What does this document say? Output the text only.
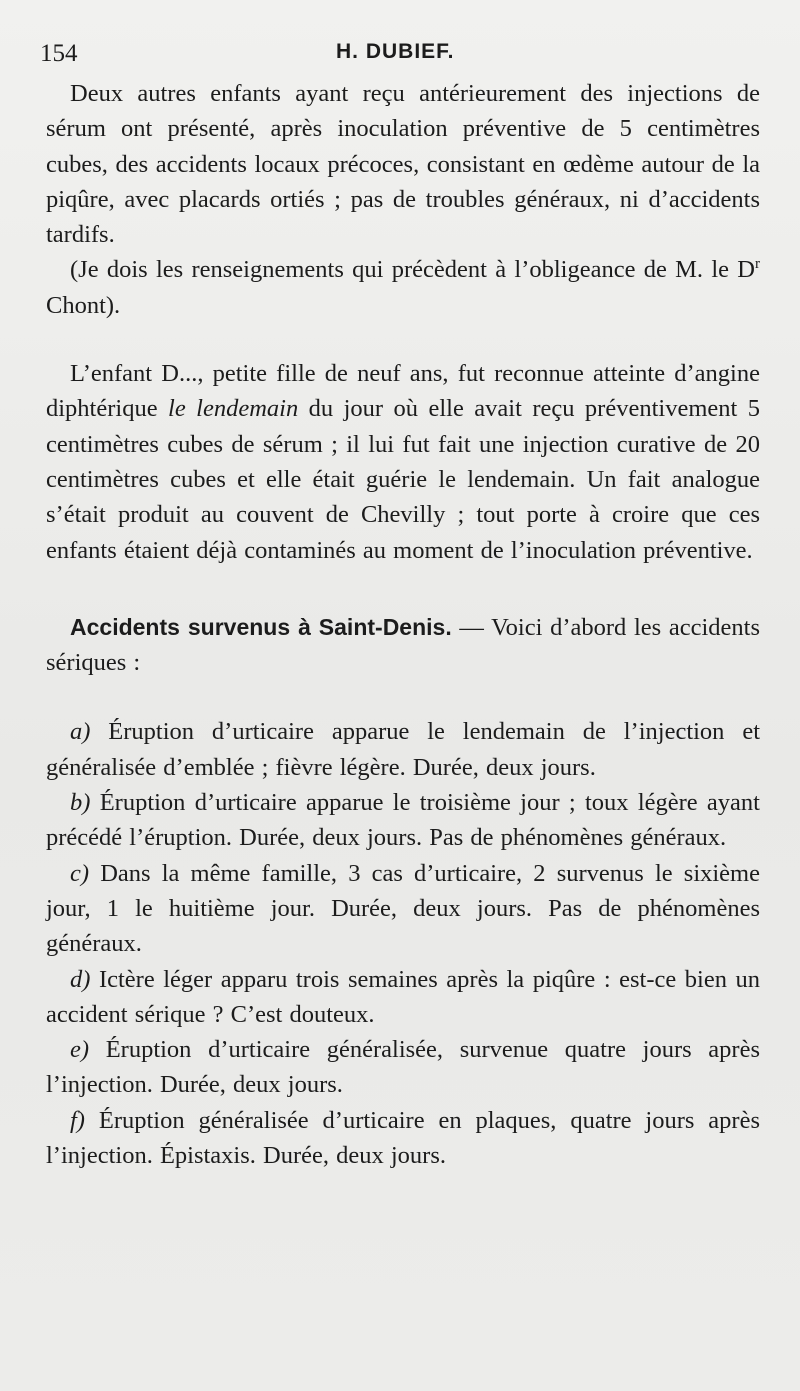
154	H. DUBIEF.

Deux autres enfants ayant reçu antérieurement des injections de sérum ont présenté, après inoculation préventive de 5 centimètres cubes, des accidents locaux précoces, consistant en œdème autour de la piqûre, avec placards ortiés ; pas de troubles généraux, ni d’accidents tardifs.

(Je dois les renseignements qui précèdent à l’obligeance de M. le $D^r$ Chont).

L’enfant D..., petite fille de neuf ans, fut reconnue atteinte d’angine diphtérique le lendemain du jour où elle avait reçu préventivement 5 centimètres cubes de sérum ; il lui fut fait une injection curative de 20 centimètres cubes et elle était guérie le lendemain. Un fait analogue s’était produit au couvent de Chevilly ; tout porte à croire que ces enfants étaient déjà contaminés au moment de l’inoculation préventive.

Accidents survenus à Saint-Denis. — Voici d’abord les accidents sériques :

a) Éruption d’urticaire apparue le lendemain de l’injection et généralisée d’emblée ; fièvre légère. Durée, deux jours.

b) Éruption d’urticaire apparue le troisième jour ; toux légère ayant précédé l’éruption. Durée, deux jours. Pas de phénomènes généraux.

c) Dans la même famille, 3 cas d’urticaire, 2 survenus le sixième jour, 1 le huitième jour. Durée, deux jours. Pas de phénomènes généraux.

d) Ictère léger apparu trois semaines après la piqûre : est-ce bien un accident sérique ? C’est douteux.

e) Éruption d’urticaire généralisée, survenue quatre jours après l’injection. Durée, deux jours.

f) Éruption généralisée d’urticaire en plaques, quatre jours après l’injection. Épistaxis. Durée, deux jours.
